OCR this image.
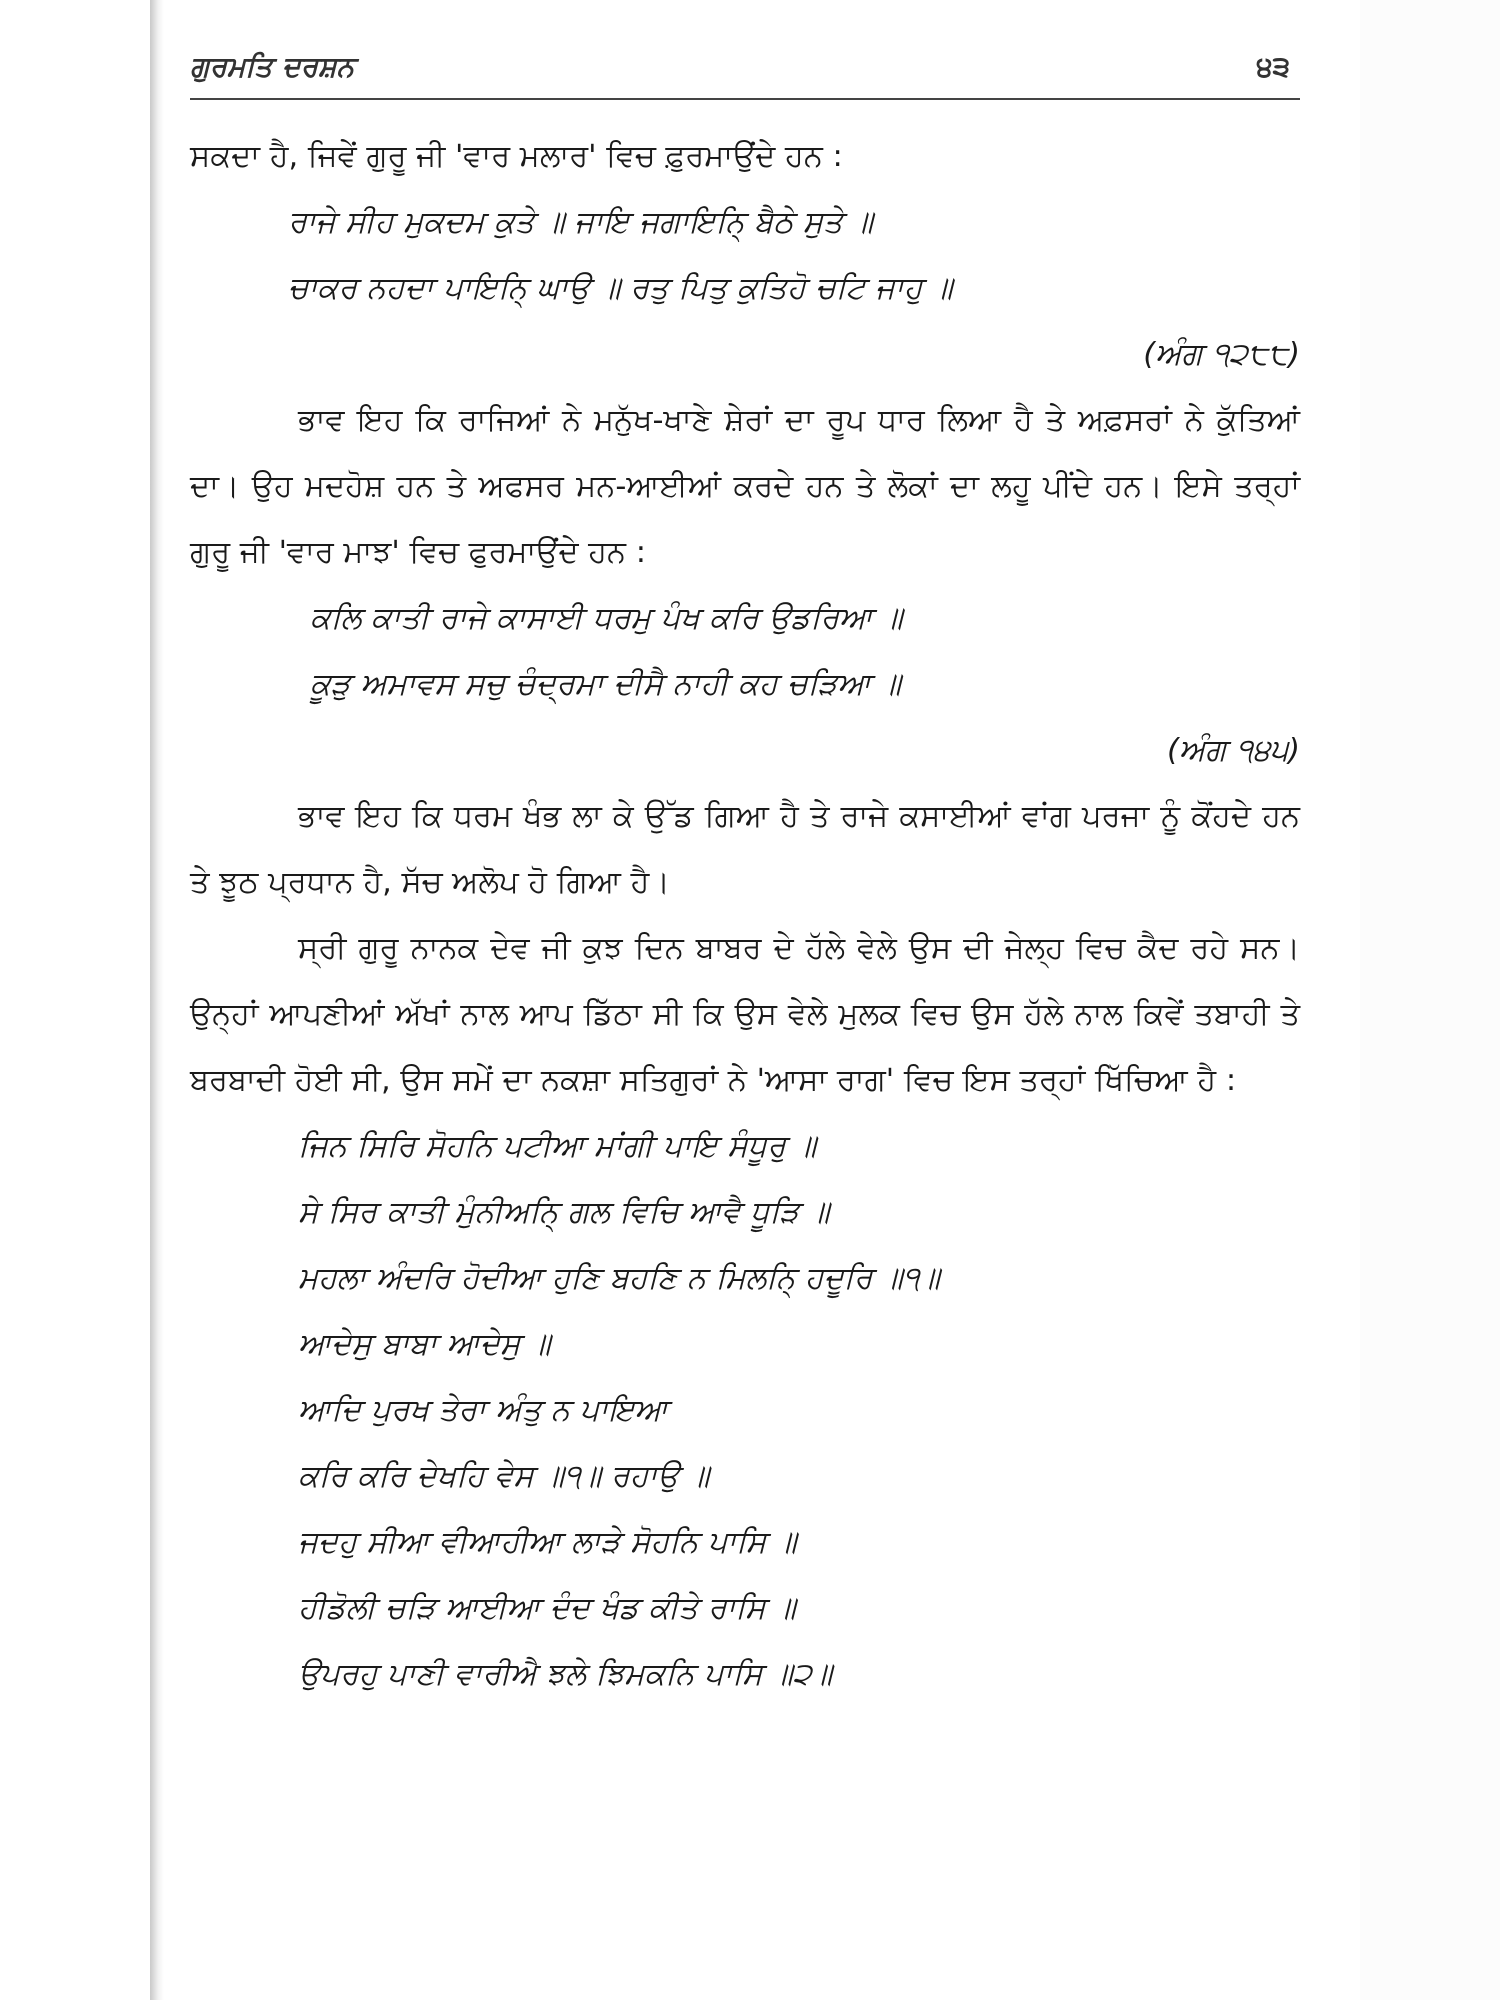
ਗੁਰਮਤਿ ਦਰਸ਼ਨ	੪੩

ਸਕਦਾ ਹੈ, ਜਿਵੇਂ ਗੁਰੂ ਜੀ 'ਵਾਰ ਮਲਾਰ' ਵਿਚ ਫ਼ੁਰਮਾਉਂਦੇ ਹਨ :

ਰਾਜੇ ਸੀਹ ਮੁਕਦਮ ਕੁਤੇ ॥ ਜਾਇ ਜਗਾਇਨਿ੍ ਬੈਠੇ ਸੁਤੇ ॥
ਚਾਕਰ ਨਹਦਾ ਪਾਇਨਿ੍ ਘਾਉ ॥ ਰਤੁ ਪਿਤੁ ਕੁਤਿਹੋ ਚਟਿ ਜਾਹੁ ॥
(ਅੰਗ ੧੨੮੮)

ਭਾਵ ਇਹ ਕਿ ਰਾਜਿਆਂ ਨੇ ਮਨੁੱਖ-ਖਾਣੇ ਸ਼ੇਰਾਂ ਦਾ ਰੂਪ ਧਾਰ ਲਿਆ ਹੈ ਤੇ ਅਫ਼ਸਰਾਂ ਨੇ ਕੁੱਤਿਆਂ ਦਾ। ਉਹ ਮਦਹੋਸ਼ ਹਨ ਤੇ ਅਫਸਰ ਮਨ-ਆਈਆਂ ਕਰਦੇ ਹਨ ਤੇ ਲੋਕਾਂ ਦਾ ਲਹੂ ਪੀਂਦੇ ਹਨ। ਇਸੇ ਤਰ੍ਹਾਂ ਗੁਰੂ ਜੀ 'ਵਾਰ ਮਾਝ' ਵਿਚ ਫੁਰਮਾਉਂਦੇ ਹਨ :

ਕਲਿ ਕਾਤੀ ਰਾਜੇ ਕਾਸਾਈ ਧਰਮੁ ਪੰਖ ਕਰਿ ਉਡਰਿਆ ॥
ਕੂੜੁ ਅਮਾਵਸ ਸਚੁ ਚੰਦ੍ਰਮਾ ਦੀਸੈ ਨਾਹੀ ਕਹ ਚੜਿਆ ॥
(ਅੰਗ ੧੪੫)

ਭਾਵ ਇਹ ਕਿ ਧਰਮ ਖੰਭ ਲਾ ਕੇ ਉੱਡ ਗਿਆ ਹੈ ਤੇ ਰਾਜੇ ਕਸਾਈਆਂ ਵਾਂਗ ਪਰਜਾ ਨੂੰ ਕੋਂਹਦੇ ਹਨ ਤੇ ਝੂਠ ਪ੍ਰਧਾਨ ਹੈ, ਸੱਚ ਅਲੋਪ ਹੋ ਗਿਆ ਹੈ।

ਸ੍ਰੀ ਗੁਰੂ ਨਾਨਕ ਦੇਵ ਜੀ ਕੁਝ ਦਿਨ ਬਾਬਰ ਦੇ ਹੱਲੇ ਵੇਲੇ ਉਸ ਦੀ ਜੇਲ੍ਹ ਵਿਚ ਕੈਦ ਰਹੇ ਸਨ। ਉਨ੍ਹਾਂ ਆਪਣੀਆਂ ਅੱਖਾਂ ਨਾਲ ਆਪ ਡਿੱਠਾ ਸੀ ਕਿ ਉਸ ਵੇਲੇ ਮੁਲਕ ਵਿਚ ਉਸ ਹੱਲੇ ਨਾਲ ਕਿਵੇਂ ਤਬਾਹੀ ਤੇ ਬਰਬਾਦੀ ਹੋਈ ਸੀ, ਉਸ ਸਮੇਂ ਦਾ ਨਕਸ਼ਾ ਸਤਿਗੁਰਾਂ ਨੇ 'ਆਸਾ ਰਾਗ' ਵਿਚ ਇਸ ਤਰ੍ਹਾਂ ਖਿੱਚਿਆ ਹੈ :

ਜਿਨ ਸਿਰਿ ਸੋਹਨਿ ਪਟੀਆ ਮਾਂਗੀ ਪਾਇ ਸੰਧੂਰੁ ॥
ਸੇ ਸਿਰ ਕਾਤੀ ਮੁੰਨੀਅਨਿ੍ ਗਲ ਵਿਚਿ ਆਵੈ ਧੂੜਿ ॥
ਮਹਲਾ ਅੰਦਰਿ ਹੋਦੀਆ ਹੁਣਿ ਬਹਣਿ ਨ ਮਿਲਨਿ੍ ਹਦੂਰਿ ॥੧॥
ਆਦੇਸੁ ਬਾਬਾ ਆਦੇਸੁ ॥
ਆਦਿ ਪੁਰਖ ਤੇਰਾ ਅੰਤੁ ਨ ਪਾਇਆ
ਕਰਿ ਕਰਿ ਦੇਖਹਿ ਵੇਸ ॥੧॥ ਰਹਾਉ ॥
ਜਦਹੁ ਸੀਆ ਵੀਆਹੀਆ ਲਾੜੇ ਸੋਹਨਿ ਪਾਸਿ ॥
ਹੀਡੋਲੀ ਚੜਿ ਆਈਆ ਦੰਦ ਖੰਡ ਕੀਤੇ ਰਾਸਿ ॥
ਉਪਰਹੁ ਪਾਣੀ ਵਾਰੀਐ ਝਲੇ ਝਿਮਕਨਿ ਪਾਸਿ ॥੨॥
